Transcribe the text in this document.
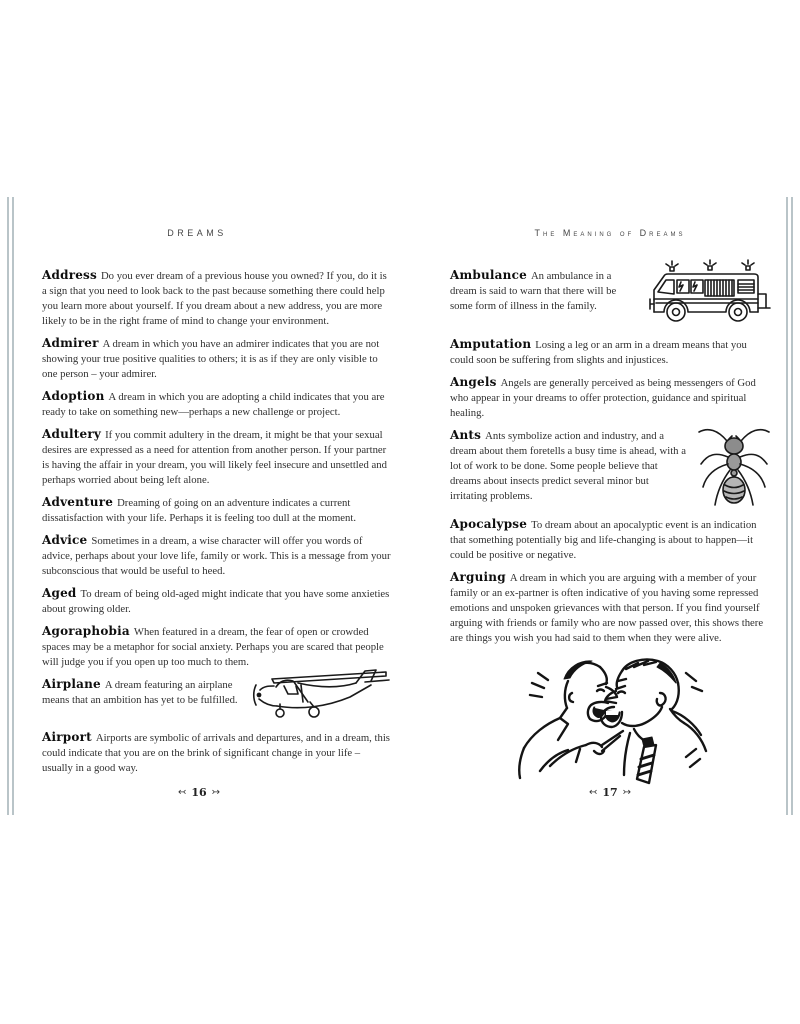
DREAMS

Address Do you ever dream of a previous house you owned? If you, do it is a sign that you need to look back to the past because something there could help you learn more about yourself. If you dream about a new address, you are more likely to be in the right frame of mind to change your environment.

Admirer A dream in which you have an admirer indicates that you are not showing your true positive qualities to others; it is as if they are only visible to one person – your admirer.

Adoption A dream in which you are adopting a child indicates that you are ready to take on something new—perhaps a new challenge or project.

Adultery If you commit adultery in the dream, it might be that your sexual desires are expressed as a need for attention from another person. If your partner is having the affair in your dream, you will likely feel insecure and unsettled and perhaps worried about being left alone.

Adventure Dreaming of going on an adventure indicates a current dissatisfaction with your life. Perhaps it is feeling too dull at the moment.

Advice Sometimes in a dream, a wise character will offer you words of advice, perhaps about your love life, family or work. This is a message from your subconscious that would be useful to heed.

Aged To dream of being old-aged might indicate that you have some anxieties about growing older.

Agoraphobia When featured in a dream, the fear of open or crowded spaces may be a metaphor for social anxiety. Perhaps you are scared that people will judge you if you open up too much to them.

Airplane A dream featuring an airplane means that an ambition has yet to be fulfilled.

Airport Airports are symbolic of arrivals and departures, and in a dream, this could indicate that you are on the brink of significant change in your life – usually in a good way.

↢ 16 ↣
The Meaning of Dreams

Ambulance An ambulance in a dream is said to warn that there will be some form of illness in the family.

Amputation Losing a leg or an arm in a dream means that you could soon be suffering from slights and injustices.

Angels Angels are generally perceived as being messengers of God who appear in your dreams to offer protection, guidance and spiritual healing.

Ants Ants symbolize action and industry, and a dream about them foretells a busy time is ahead, with a lot of work to be done. Some people believe that dreams about insects predict several minor but irritating problems.

Apocalypse To dream about an apocalyptic event is an indication that something potentially big and life-changing is about to happen—it could be positive or negative.

Arguing A dream in which you are arguing with a member of your family or an ex-partner is often indicative of you having some repressed emotions and unspoken grievances with that person. If you find yourself arguing with friends or family who are now passed over, this shows there are things you wish you had said to them when they were alive.

↢ 17 ↣
